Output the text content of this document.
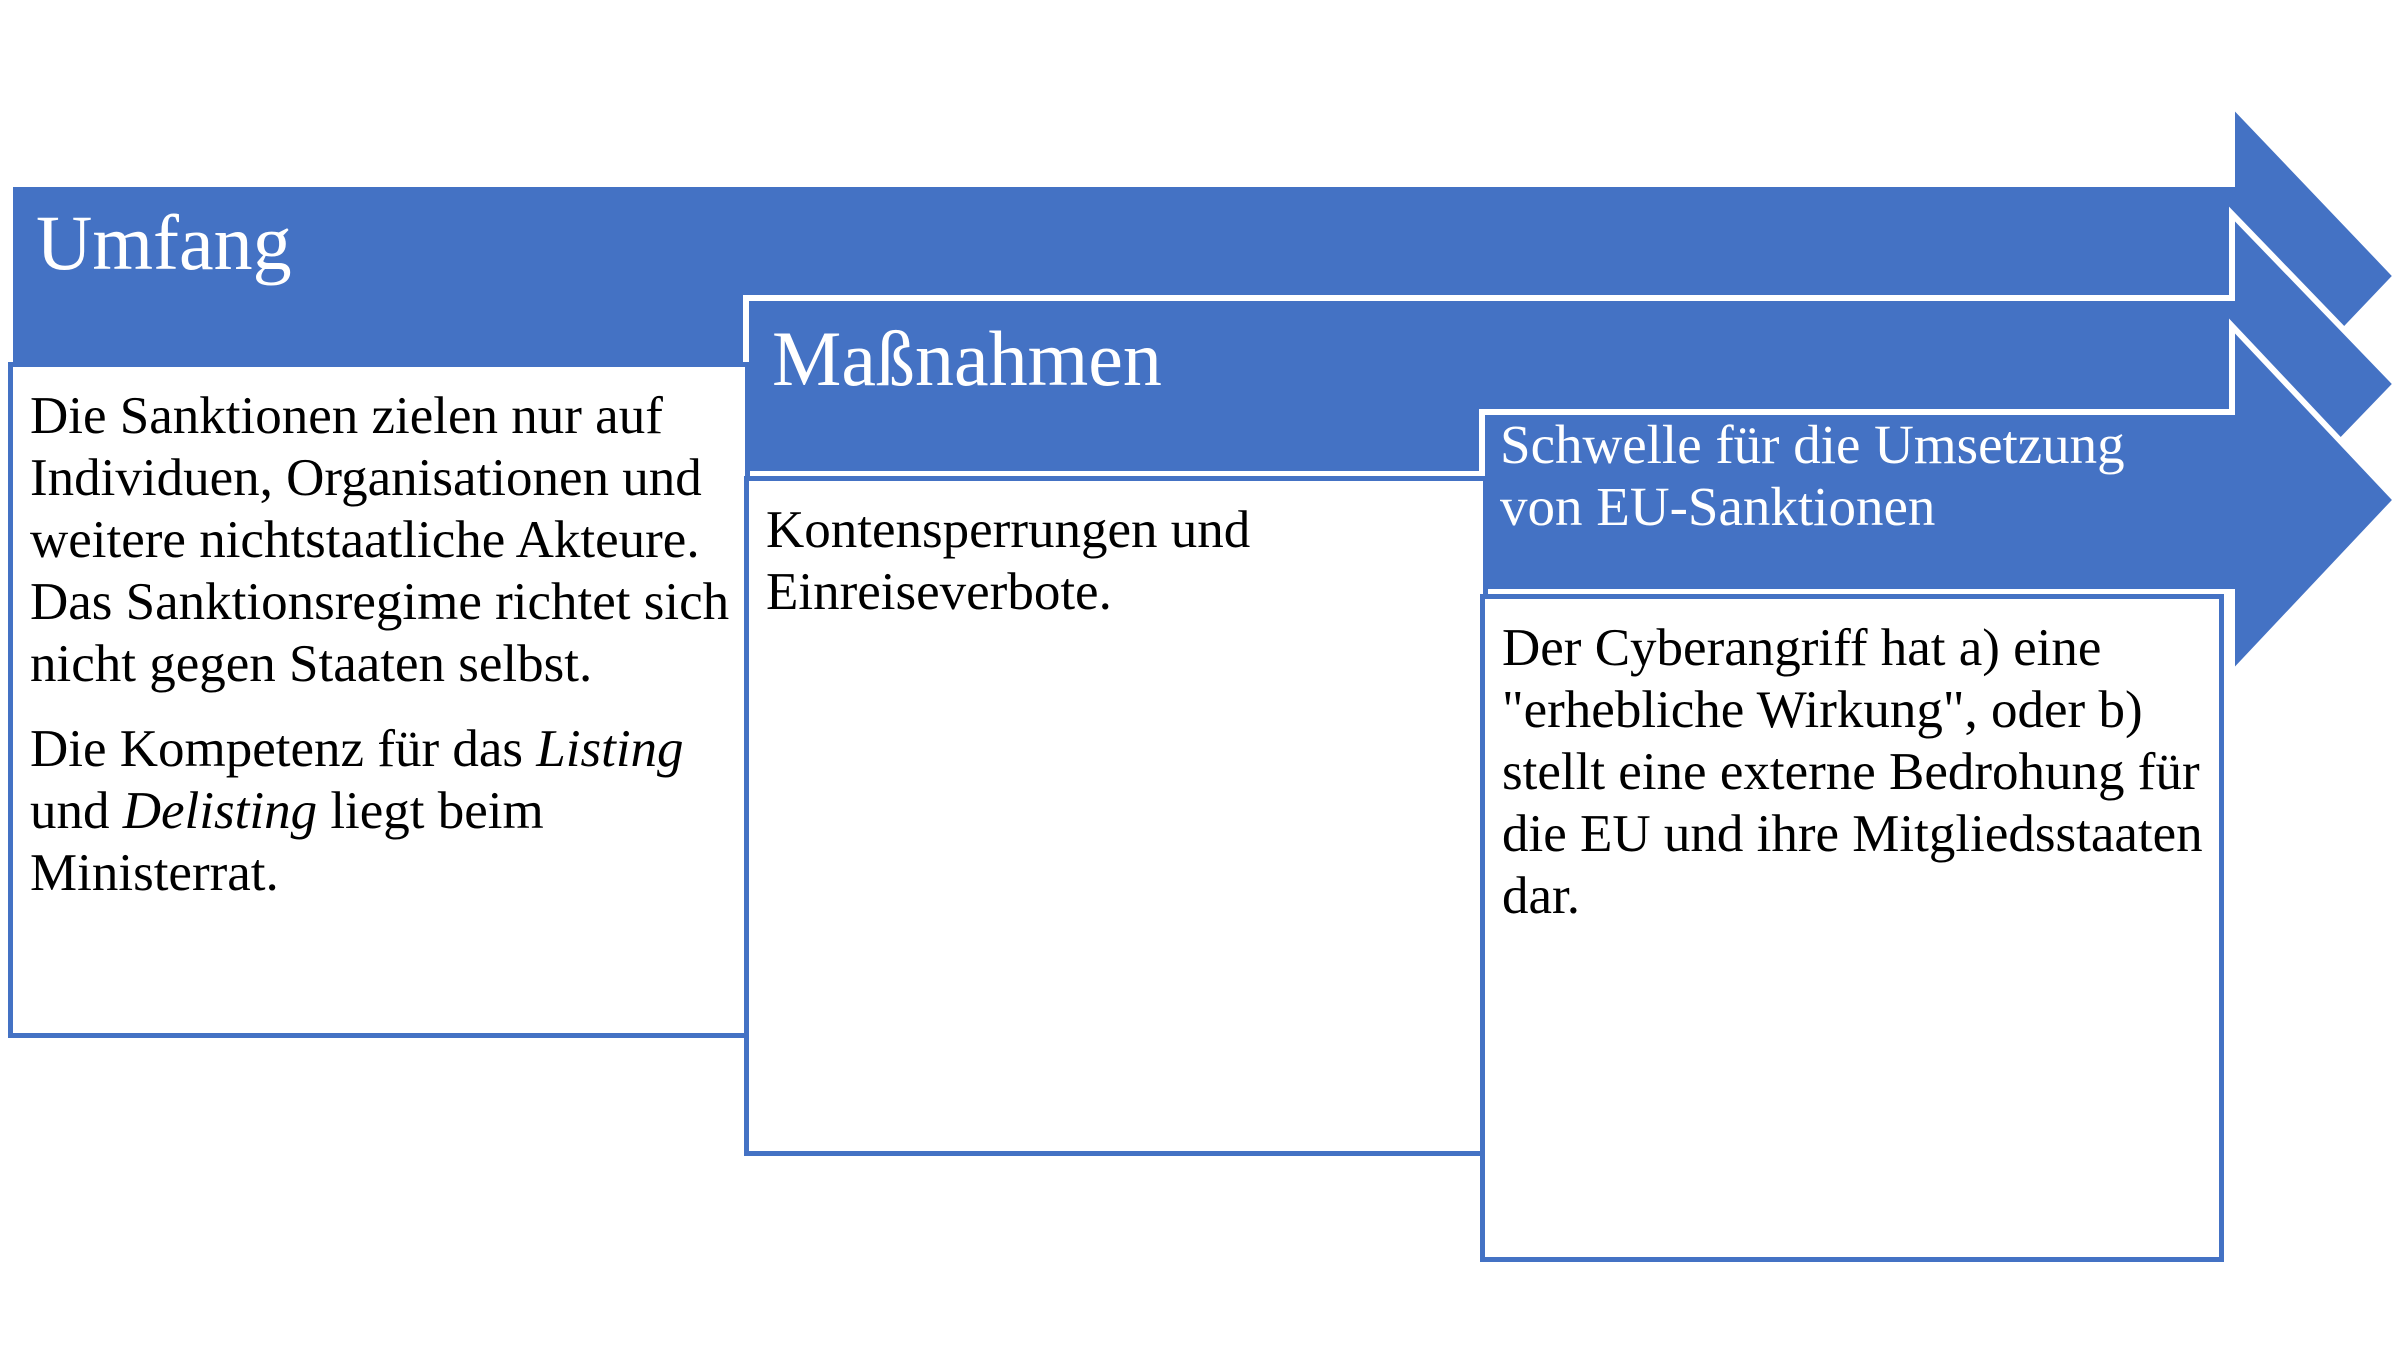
Umfang
Maßnahmen
Schwelle für die Umsetzung von EU-Sanktionen

Die Sanktionen zielen nur auf Individuen, Organisationen und weitere nichtstaatliche Akteure. Das Sanktionsregime richtet sich nicht gegen Staaten selbst.

Die Kompetenz für das Listing und Delisting liegt beim Ministerrat.

Kontensperrungen und Einreiseverbote.

Der Cyberangriff hat a) eine "erhebliche Wirkung", oder b) stellt eine externe Bedrohung für die EU und ihre Mitgliedsstaaten dar.
